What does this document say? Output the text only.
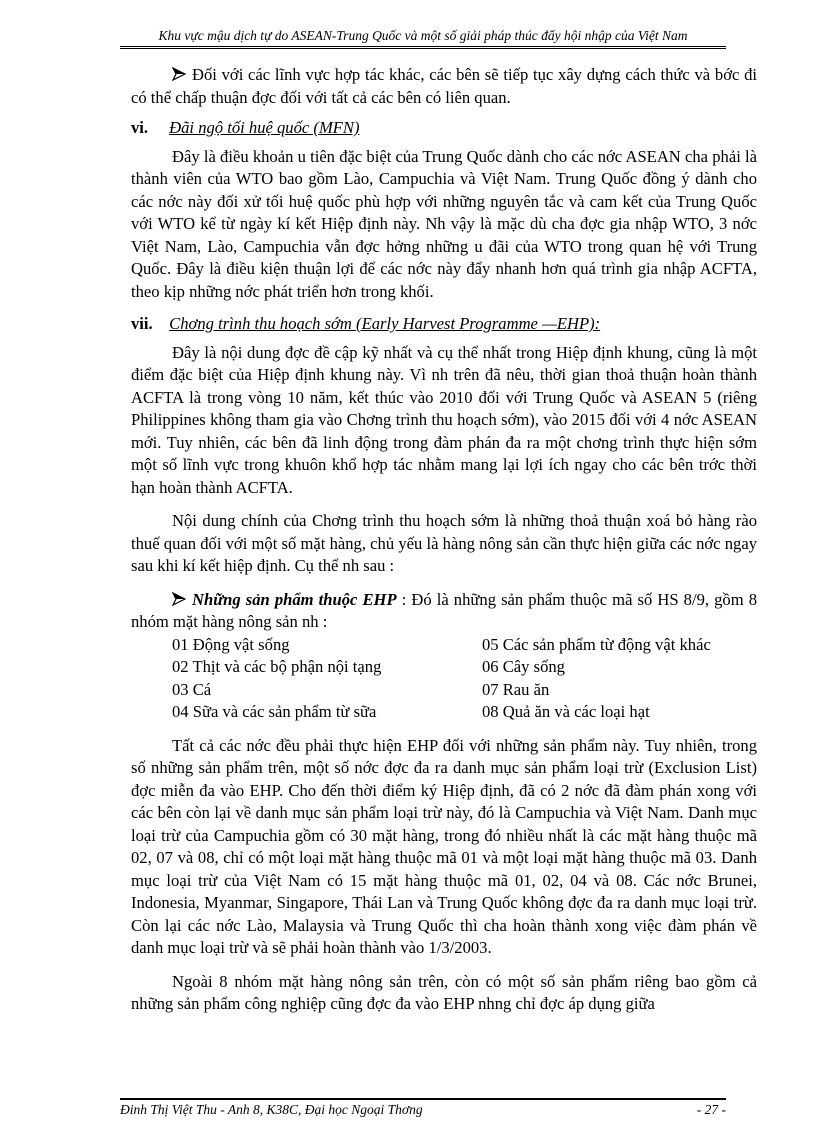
Khu vực mậu dịch tự do ASEAN-Trung Quốc và một số giải pháp thúc đẩy hội nhập của Việt Nam

Đối với các lĩnh vực hợp tác khác, các bên sẽ tiếp tục xây dựng cách thức và bớc đi có thể chấp thuận đợc đối với tất cả các bên có liên quan.

vi. Đãi ngộ tối huệ quốc (MFN)

Đây là điều khoản u tiên đặc biệt của Trung Quốc dành cho các nớc ASEAN cha phải là thành viên của WTO bao gồm Lào, Campuchia và Việt Nam. Trung Quốc đồng ý dành cho các nớc này đối xử tối huệ quốc phù hợp với những nguyên tắc và cam kết của Trung Quốc với WTO kể từ ngày kí kết Hiệp định này. Nh vậy là mặc dù cha đợc gia nhập WTO, 3 nớc Việt Nam, Lào, Campuchia vẫn đợc hởng những u đãi của WTO trong quan hệ với Trung Quốc. Đây là điều kiện thuận lợi để các nớc này đẩy nhanh hơn quá trình gia nhập ACFTA, theo kịp những nớc phát triển hơn trong khối.

vii. Chơng trình thu hoạch sớm (Early Harvest Programme —EHP):

Đây là nội dung đợc đề cập kỹ nhất và cụ thể nhất trong Hiệp định khung, cũng là một điểm đặc biệt của Hiệp định khung này. Vì nh trên đã nêu, thời gian thoả thuận hoàn thành ACFTA là trong vòng 10 năm, kết thúc vào 2010 đối với Trung Quốc và ASEAN 5 (riêng Philippines không tham gia vào Chơng trình thu hoạch sớm), vào 2015 đối với 4 nớc ASEAN mới. Tuy nhiên, các bên đã linh động trong đàm phán đa ra một chơng trình thực hiện sớm một số lĩnh vực trong khuôn khổ hợp tác nhằm mang lại lợi ích ngay cho các bên trớc thời hạn hoàn thành ACFTA.

Nội dung chính của Chơng trình thu hoạch sớm là những thoả thuận xoá bỏ hàng rào thuế quan đối với một số mặt hàng, chủ yếu là hàng nông sản cần thực hiện giữa các nớc ngay sau khi kí kết hiệp định. Cụ thể nh sau :

Những sản phẩm thuộc EHP : Đó là những sản phẩm thuộc mã số HS 8/9, gồm 8 nhóm mặt hàng nông sản nh :

01 Động vật sống	05 Các sản phẩm từ động vật khác
02 Thịt và các bộ phận nội tạng	06 Cây sống
03 Cá	07 Rau ăn
04 Sữa và các sản phẩm từ sữa	08 Quả ăn và các loại hạt

Tất cả các nớc đều phải thực hiện EHP đối với những sản phẩm này. Tuy nhiên, trong số những sản phẩm trên, một số nớc đợc đa ra danh mục sản phẩm loại trừ (Exclusion List) đợc miễn đa vào EHP. Cho đến thời điểm ký Hiệp định, đã có 2 nớc đã đàm phán xong với các bên còn lại về danh mục sản phẩm loại trừ này, đó là Campuchia và Việt Nam. Danh mục loại trừ của Campuchia gồm có 30 mặt hàng, trong đó nhiều nhất là các mặt hàng thuộc mã 02, 07 và 08, chỉ có một loại mặt hàng thuộc mã 01 và một loại mặt hàng thuộc mã 03. Danh mục loại trừ của Việt Nam có 15 mặt hàng thuộc mã 01, 02, 04 và 08. Các nớc Brunei, Indonesia, Myanmar, Singapore, Thái Lan và Trung Quốc không đợc đa ra danh mục loại trừ. Còn lại các nớc Lào, Malaysia và Trung Quốc thì cha hoàn thành xong việc đàm phán về danh mục loại trừ và sẽ phải hoàn thành vào 1/3/2003.

Ngoài 8 nhóm mặt hàng nông sản trên, còn có một số sản phẩm riêng bao gồm cả những sản phẩm công nghiệp cũng đợc đa vào EHP nhng chỉ đợc áp dụng giữa

Đinh Thị Việt Thu - Anh 8, K38C, Đại học Ngoại Thơng	- 27 -
